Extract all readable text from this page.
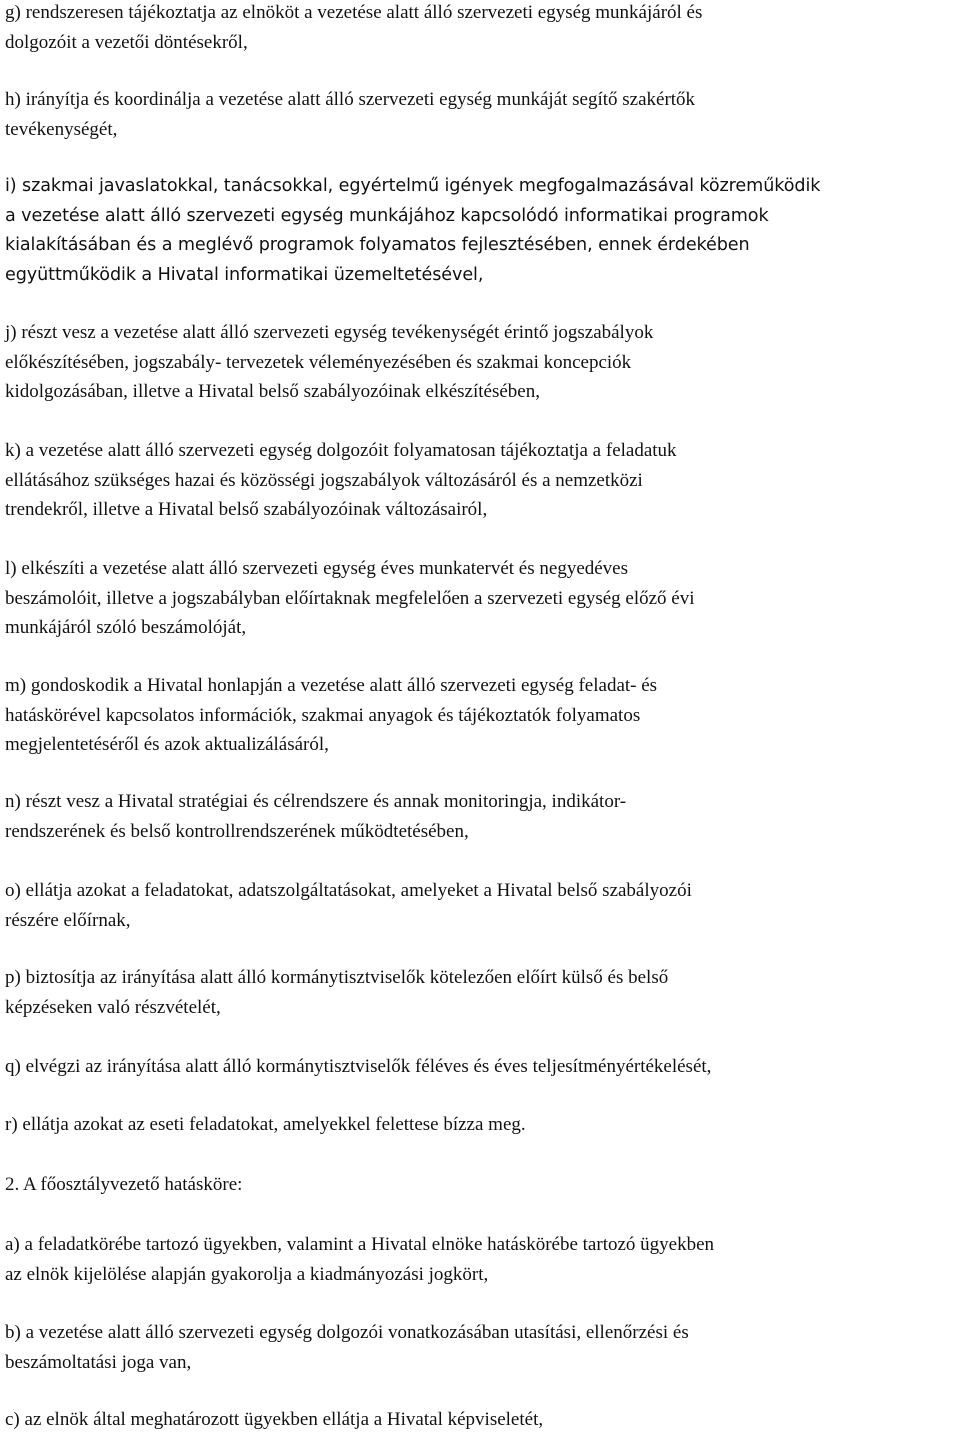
g) rendszeresen tájékoztatja az elnököt a vezetése alatt álló szervezeti egység munkájáról és
dolgozóit a vezetői döntésekről,

h) irányítja és koordinálja a vezetése alatt álló szervezeti egység munkáját segítő szakértők
tevékenységét,

i) szakmai javaslatokkal, tanácsokkal, egyértelmű igények megfogalmazásával közreműködik
a vezetése alatt álló szervezeti egység munkájához kapcsolódó informatikai programok
kialakításában és a meglévő programok folyamatos fejlesztésében, ennek érdekében
együttműködik a Hivatal informatikai üzemeltetésével,

j) részt vesz a vezetése alatt álló szervezeti egység tevékenységét érintő jogszabályok
előkészítésében, jogszabály- tervezetek véleményezésében és szakmai koncepciók
kidolgozásában, illetve a Hivatal belső szabályozóinak elkészítésében,

k) a vezetése alatt álló szervezeti egység dolgozóit folyamatosan tájékoztatja a feladatuk
ellátásához szükséges hazai és közösségi jogszabályok változásáról és a nemzetközi
trendekről, illetve a Hivatal belső szabályozóinak változásairól,

l) elkészíti a vezetése alatt álló szervezeti egység éves munkatervét és negyedéves
beszámolóit, illetve a jogszabályban előírtaknak megfelelően a szervezeti egység előző évi
munkájáról szóló beszámolóját,

m) gondoskodik a Hivatal honlapján a vezetése alatt álló szervezeti egység feladat- és
hatáskörével kapcsolatos információk, szakmai anyagok és tájékoztatók folyamatos
megjelentetéséről és azok aktualizálásáról,

n) részt vesz a Hivatal stratégiai és célrendszere és annak monitoringja, indikátor-
rendszerének és belső kontrollrendszerének működtetésében,

o) ellátja azokat a feladatokat, adatszolgáltatásokat, amelyeket a Hivatal belső szabályozói
részére előírnak,

p) biztosítja az irányítása alatt álló kormánytisztviselők kötelezően előírt külső és belső
képzéseken való részvételét,

q) elvégzi az irányítása alatt álló kormánytisztviselők féléves és éves teljesítményértékelését,

r) ellátja azokat az eseti feladatokat, amelyekkel felettese bízza meg.

2. A főosztályvezető hatásköre:

a) a feladatkörébe tartozó ügyekben, valamint a Hivatal elnöke hatáskörébe tartozó ügyekben
az elnök kijelölése alapján gyakorolja a kiadmányozási jogkört,

b) a vezetése alatt álló szervezeti egység dolgozói vonatkozásában utasítási, ellenőrzési és
beszámoltatási joga van,

c) az elnök által meghatározott ügyekben ellátja a Hivatal képviseletét,
